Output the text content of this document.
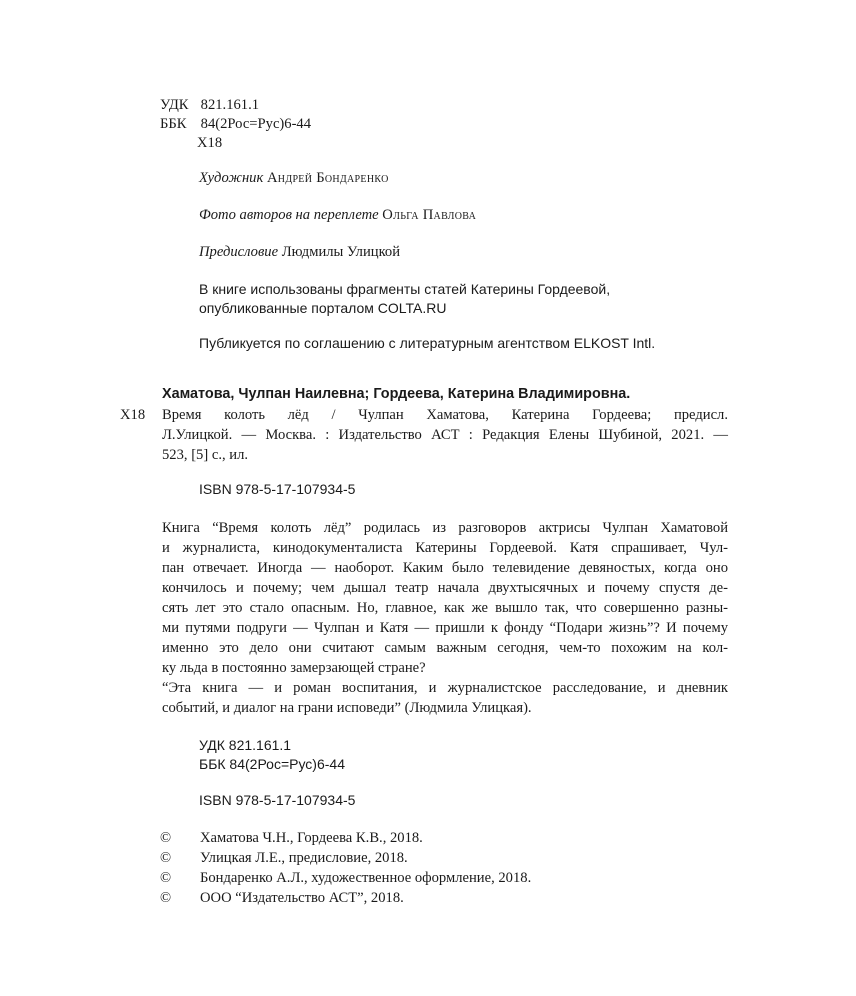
УДК 821.161.1
ББК 84(2Рос=Рус)6-44
Х18
Художник Андрей Бондаренко
Фото авторов на переплете Ольга Павлова
Предисловие Людмилы Улицкой
В книге использованы фрагменты статей Катерины Гордеевой,
опубликованные порталом COLTA.RU
Публикуется по соглашению с литературным агентством ELKOST Intl.
Хаматова, Чулпан Наилевна; Гордеева, Катерина Владимировна.
Х18 Время колоть лёд / Чулпан Хаматова, Катерина Гордеева; предисл.
Л.Улицкой. — Москва. : Издательство АСТ : Редакция Елены Шубиной, 2021. —
523, [5] с., ил.
ISBN 978-5-17-107934-5
Книга “Время колоть лёд” родилась из разговоров актрисы Чулпан Хаматовой
и журналиста, кинодокументалиста Катерины Гордеевой. Катя спрашивает, Чул-
пан отвечает. Иногда — наоборот. Каким было телевидение девяностых, когда оно
кончилось и почему; чем дышал театр начала двухтысячных и почему спустя де-
сять лет это стало опасным. Но, главное, как же вышло так, что совершенно разны-
ми путями подруги — Чулпан и Катя — пришли к фонду “Подари жизнь”? И почему
именно это дело они считают самым важным сегодня, чем-то похожим на кол-
ку льда в постоянно замерзающей стране?
“Эта книга — и роман воспитания, и журналистское расследование, и дневник
событий, и диалог на грани исповеди” (Людмила Улицкая).
УДК 821.161.1
ББК 84(2Рос=Рус)6-44
ISBN 978-5-17-107934-5
© Хаматова Ч.Н., Гордеева К.В., 2018.
© Улицкая Л.Е., предисловие, 2018.
© Бондаренко А.Л., художественное оформление, 2018.
© ООО “Издательство АСТ”, 2018.
